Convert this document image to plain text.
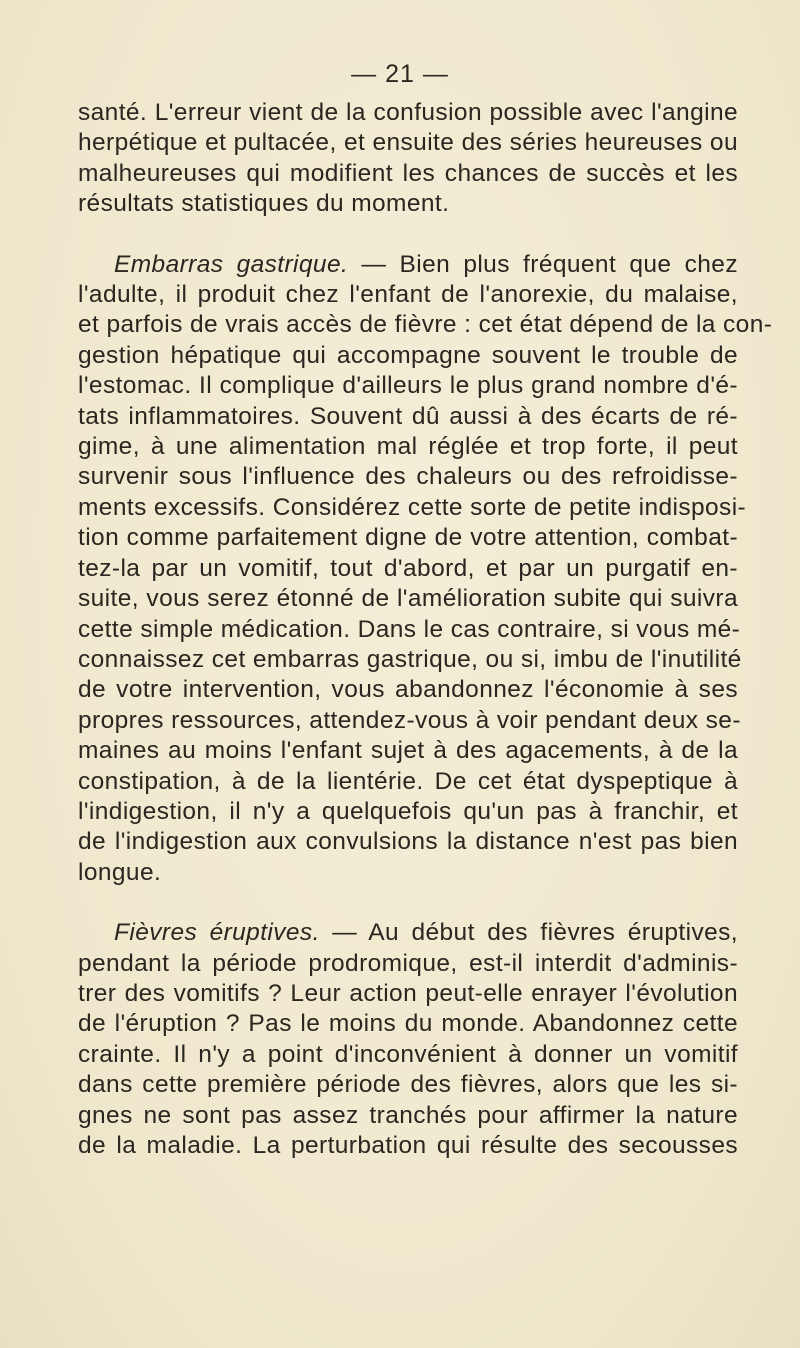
— 21 —

santé. L'erreur vient de la confusion possible avec l'angine
herpétique et pultacée, et ensuite des séries heureuses ou
malheureuses qui modifient les chances de succès et les
résultats statistiques du moment.

Embarras gastrique. — Bien plus fréquent que chez
l'adulte, il produit chez l'enfant de l'anorexie, du malaise,
et parfois de vrais accès de fièvre : cet état dépend de la con-
gestion hépatique qui accompagne souvent le trouble de
l'estomac. Il complique d'ailleurs le plus grand nombre d'é-
tats inflammatoires. Souvent dû aussi à des écarts de ré-
gime, à une alimentation mal réglée et trop forte, il peut
survenir sous l'influence des chaleurs ou des refroidisse-
ments excessifs. Considérez cette sorte de petite indisposi-
tion comme parfaitement digne de votre attention, combat-
tez-la par un vomitif, tout d'abord, et par un purgatif en-
suite, vous serez étonné de l'amélioration subite qui suivra
cette simple médication. Dans le cas contraire, si vous mé-
connaissez cet embarras gastrique, ou si, imbu de l'inutilité
de votre intervention, vous abandonnez l'économie à ses
propres ressources, attendez-vous à voir pendant deux se-
maines au moins l'enfant sujet à des agacements, à de la
constipation, à de la lientérie. De cet état dyspeptique à
l'indigestion, il n'y a quelquefois qu'un pas à franchir, et
de l'indigestion aux convulsions la distance n'est pas bien
longue.

Fièvres éruptives. — Au début des fièvres éruptives,
pendant la période prodromique, est-il interdit d'adminis-
trer des vomitifs ? Leur action peut-elle enrayer l'évolution
de l'éruption ? Pas le moins du monde. Abandonnez cette
crainte. Il n'y a point d'inconvénient à donner un vomitif
dans cette première période des fièvres, alors que les si-
gnes ne sont pas assez tranchés pour affirmer la nature
de la maladie. La perturbation qui résulte des secousses
